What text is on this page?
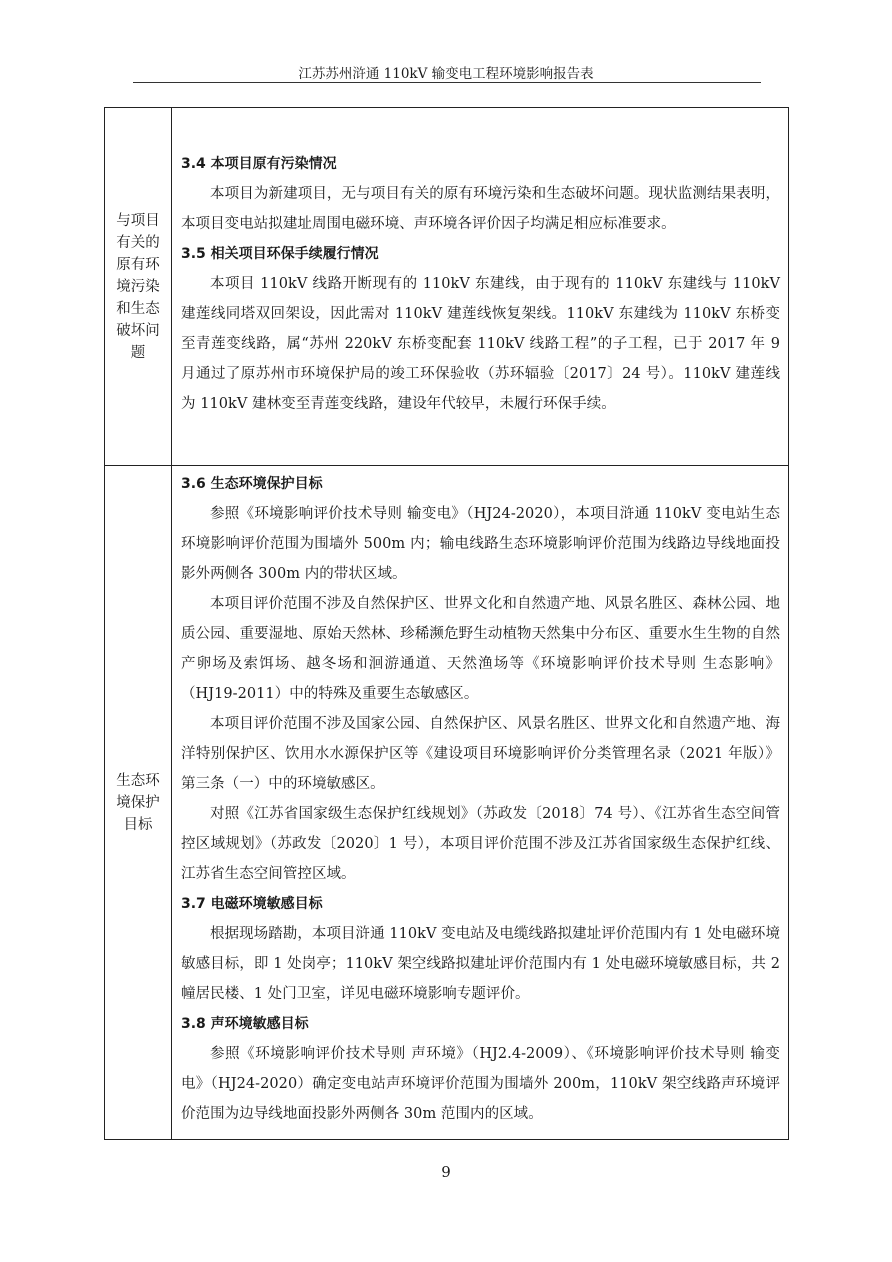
江苏苏州浒通 110kV 输变电工程环境影响报告表
与项目有关的原有环境污染和生态破坏问题

3.4 本项目原有污染情况

本项目为新建项目，无与项目有关的原有环境污染和生态破坏问题。现状监测结果表明，本项目变电站拟建址周围电磁环境、声环境各评价因子均满足相应标准要求。

3.5 相关项目环保手续履行情况

本项目 110kV 线路开断现有的 110kV 东建线，由于现有的 110kV 东建线与 110kV 建莲线同塔双回架设，因此需对 110kV 建莲线恢复架线。110kV 东建线为 110kV 东桥变至青莲变线路，属“苏州 220kV 东桥变配套 110kV 线路工程”的子工程，已于 2017 年 9 月通过了原苏州市环境保护局的竣工环保验收（苏环辐验〔2017〕24 号）。110kV 建莲线为 110kV 建林变至青莲变线路，建设年代较早，未履行环保手续。

生态环境保护目标

3.6 生态环境保护目标

参照《环境影响评价技术导则 输变电》（HJ24-2020），本项目浒通 110kV 变电站生态环境影响评价范围为围墙外 500m 内；输电线路生态环境影响评价范围为线路边导线地面投影外两侧各 300m 内的带状区域。

本项目评价范围不涉及自然保护区、世界文化和自然遗产地、风景名胜区、森林公园、地质公园、重要湿地、原始天然林、珍稀濒危野生动植物天然集中分布区、重要水生生物的自然产卵场及索饵场、越冬场和洄游通道、天然渔场等《环境影响评价技术导则 生态影响》（HJ19-2011）中的特殊及重要生态敏感区。

本项目评价范围不涉及国家公园、自然保护区、风景名胜区、世界文化和自然遗产地、海洋特别保护区、饮用水水源保护区等《建设项目环境影响评价分类管理名录（2021 年版）》第三条（一）中的环境敏感区。

对照《江苏省国家级生态保护红线规划》（苏政发〔2018〕74 号）、《江苏省生态空间管控区域规划》（苏政发〔2020〕1 号），本项目评价范围不涉及江苏省国家级生态保护红线、江苏省生态空间管控区域。

3.7 电磁环境敏感目标

根据现场踏勘，本项目浒通 110kV 变电站及电缆线路拟建址评价范围内有 1 处电磁环境敏感目标，即 1 处岗亭；110kV 架空线路拟建址评价范围内有 1 处电磁环境敏感目标，共 2 幢居民楼、1 处门卫室，详见电磁环境影响专题评价。

3.8 声环境敏感目标

参照《环境影响评价技术导则 声环境》（HJ2.4-2009）、《环境影响评价技术导则 输变电》（HJ24-2020）确定变电站声环境评价范围为围墙外 200m，110kV 架空线路声环境评价范围为边导线地面投影外两侧各 30m 范围内的区域。

9
